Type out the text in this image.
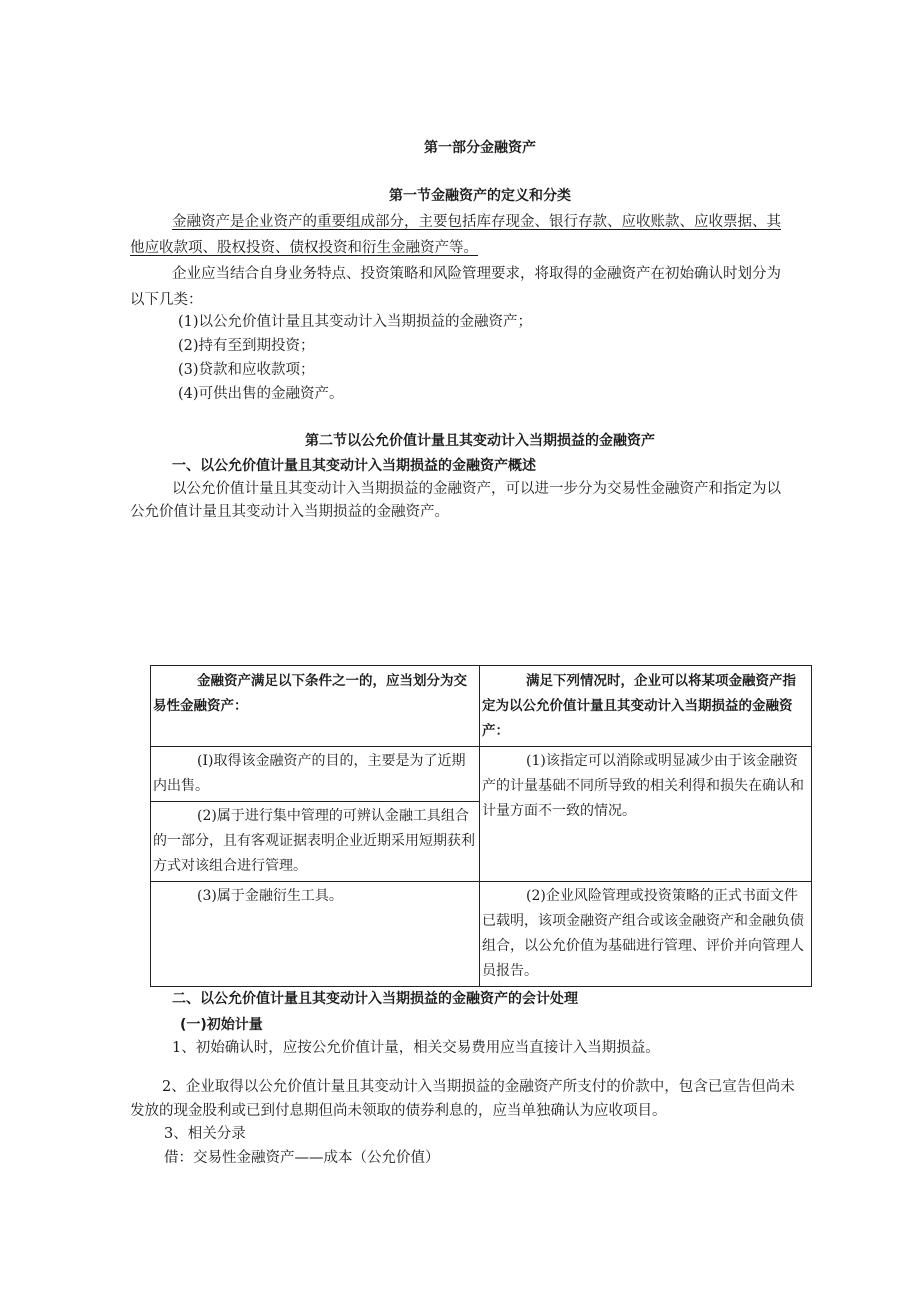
第一部分金融资产
第一节金融资产的定义和分类
金融资产是企业资产的重要组成部分，主要包括库存现金、银行存款、应收账款、应收票据、其
他应收款项、股权投资、债权投资和衍生金融资产等。
企业应当结合自身业务特点、投资策略和风险管理要求，将取得的金融资产在初始确认时划分为
以下几类：
(1)以公允价值计量且其变动计入当期损益的金融资产；
(2)持有至到期投资；
(3)贷款和应收款项；
(4)可供出售的金融资产。
第二节以公允价值计量且其变动计入当期损益的金融资产
一、以公允价值计量且其变动计入当期损益的金融资产概述
以公允价值计量且其变动计入当期损益的金融资产，可以进一步分为交易性金融资产和指定为以
公允价值计量且其变动计入当期损益的金融资产。
金融资产满足以下条件之一的，应当划分为交易性金融资产：	满足下列情况时，企业可以将某项金融资产指定为以公允价值计量且其变动计入当期损益的金融资产：
(I)取得该金融资产的目的，主要是为了近期内出售。	(1)该指定可以消除或明显减少由于该金融资产的计量基础不同所导致的相关利得和损失在确认和计量方面不一致的情况。
(2)属于进行集中管理的可辨认金融工具组合的一部分，且有客观证据表明企业近期采用短期获利方式对该组合进行管理。	
(3)属于金融衍生工具。	(2)企业风险管理或投资策略的正式书面文件已载明，该项金融资产组合或该金融资产和金融负债组合，以公允价值为基础进行管理、评价并向管理人员报告。
二、以公允价值计量且其变动计入当期损益的金融资产的会计处理
(一)初始计量
1、初始确认时，应按公允价值计量，相关交易费用应当直接计入当期损益。
2、企业取得以公允价值计量且其变动计入当期损益的金融资产所支付的价款中，包含已宣告但尚未
发放的现金股利或已到付息期但尚未领取的债券利息的，应当单独确认为应收项目。
3、相关分录
借：交易性金融资产——成本（公允价值）
